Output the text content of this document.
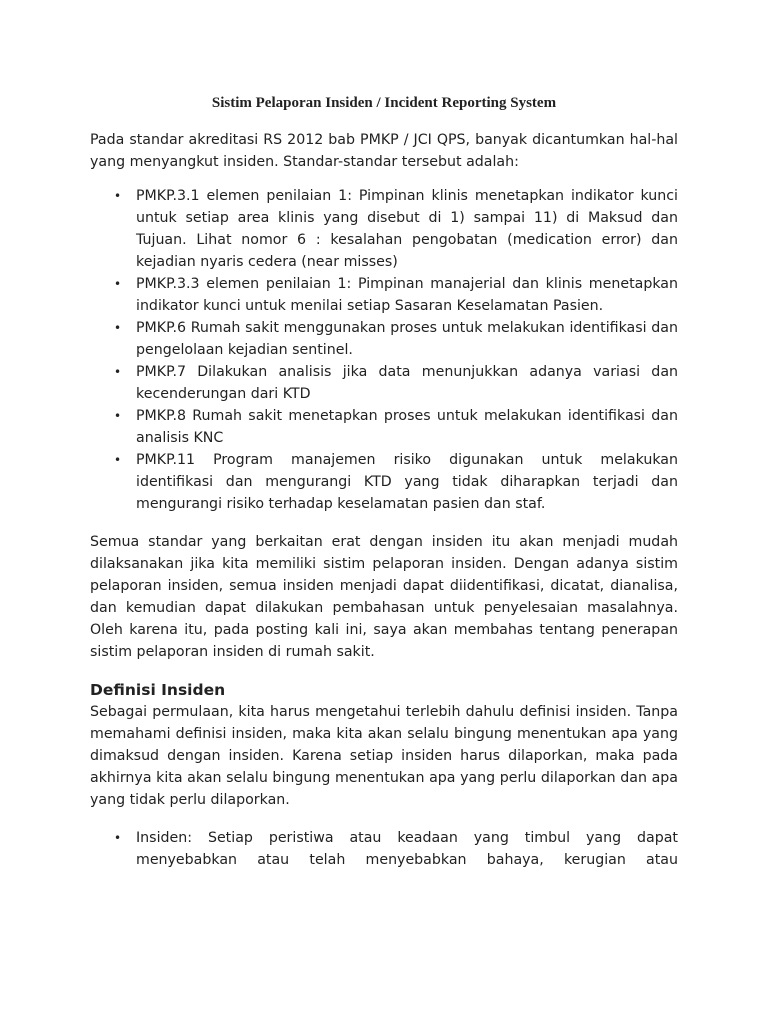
Sistim Pelaporan Insiden / Incident Reporting System

Pada standar akreditasi RS 2012 bab PMKP / JCI QPS, banyak dicantumkan hal-hal yang menyangkut insiden. Standar-standar tersebut adalah:

• PMKP.3.1 elemen penilaian 1: Pimpinan klinis menetapkan indikator kunci untuk setiap area klinis yang disebut di 1) sampai 11) di Maksud dan Tujuan. Lihat nomor 6 : kesalahan pengobatan (medication error) dan kejadian nyaris cedera (near misses)
• PMKP.3.3 elemen penilaian 1: Pimpinan manajerial dan klinis menetapkan indikator kunci untuk menilai setiap Sasaran Keselamatan Pasien.
• PMKP.6 Rumah sakit menggunakan proses untuk melakukan identifikasi dan pengelolaan kejadian sentinel.
• PMKP.7 Dilakukan analisis jika data menunjukkan adanya variasi dan kecenderungan dari KTD
• PMKP.8 Rumah sakit menetapkan proses untuk melakukan identifikasi dan analisis KNC
• PMKP.11 Program manajemen risiko digunakan untuk melakukan identifikasi dan mengurangi KTD yang tidak diharapkan terjadi dan mengurangi risiko terhadap keselamatan pasien dan staf.

Semua standar yang berkaitan erat dengan insiden itu akan menjadi mudah dilaksanakan jika kita memiliki sistim pelaporan insiden. Dengan adanya sistim pelaporan insiden, semua insiden menjadi dapat diidentifikasi, dicatat, dianalisa, dan kemudian dapat dilakukan pembahasan untuk penyelesaian masalahnya. Oleh karena itu, pada posting kali ini, saya akan membahas tentang penerapan sistim pelaporan insiden di rumah sakit.

Definisi Insiden

Sebagai permulaan, kita harus mengetahui terlebih dahulu definisi insiden. Tanpa memahami definisi insiden, maka kita akan selalu bingung menentukan apa yang dimaksud dengan insiden. Karena setiap insiden harus dilaporkan, maka pada akhirnya kita akan selalu bingung menentukan apa yang perlu dilaporkan dan apa yang tidak perlu dilaporkan.

• Insiden: Setiap peristiwa atau keadaan yang timbul yang dapat menyebabkan atau telah menyebabkan bahaya, kerugian atau
